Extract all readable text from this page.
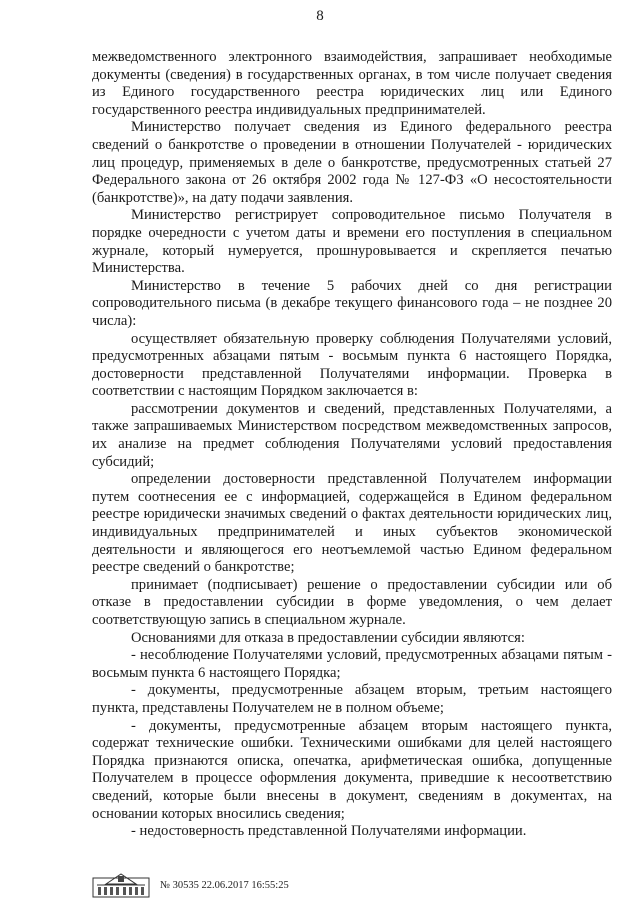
8

межведомственного электронного взаимодействия, запрашивает необходимые документы (сведения) в государственных органах, в том числе получает сведения из Единого государственного реестра юридических лиц или Единого государственного реестра индивидуальных предпринимателей.

Министерство получает сведения из Единого федерального реестра сведений о банкротстве о проведении в отношении Получателей - юридических лиц процедур, применяемых в деле о банкротстве, предусмотренных статьей 27 Федерального закона от 26 октября 2002 года № 127-ФЗ «О несостоятельности (банкротстве)», на дату подачи заявления.

Министерство регистрирует сопроводительное письмо Получателя в порядке очередности с учетом даты и времени его поступления в специальном журнале, который нумеруется, прошнуровывается и скрепляется печатью Министерства.

Министерство в течение 5 рабочих дней со дня регистрации сопроводительного письма (в декабре текущего финансового года – не позднее 20 числа):

осуществляет обязательную проверку соблюдения Получателями условий, предусмотренных абзацами пятым - восьмым пункта 6 настоящего Порядка, достоверности представленной Получателями информации. Проверка в соответствии с настоящим Порядком заключается в:

рассмотрении документов и сведений, представленных Получателями, а также запрашиваемых Министерством посредством межведомственных запросов, их анализе на предмет соблюдения Получателями условий предоставления субсидий;

определении достоверности представленной Получателем информации путем соотнесения ее с информацией, содержащейся в Едином федеральном реестре юридически значимых сведений о фактах деятельности юридических лиц, индивидуальных предпринимателей и иных субъектов экономической деятельности и являющегося его неотъемлемой частью Едином федеральном реестре сведений о банкротстве;

принимает (подписывает) решение о предоставлении субсидии или об отказе в предоставлении субсидии в форме уведомления, о чем делает соответствующую запись в специальном журнале.

Основаниями для отказа в предоставлении субсидии являются:

- несоблюдение Получателями условий, предусмотренных абзацами пятым - восьмым пункта 6 настоящего Порядка;

- документы, предусмотренные абзацем вторым, третьим настоящего пункта, представлены Получателем не в полном объеме;

- документы, предусмотренные абзацем вторым настоящего пункта, содержат технические ошибки. Техническими ошибками для целей настоящего Порядка признаются описка, опечатка, арифметическая ошибка, допущенные Получателем в процессе оформления документа, приведшие к несоответствию сведений, которые были внесены в документ, сведениям в документах, на основании которых вносились сведения;

- недостоверность представленной Получателями информации.

№ 30535 22.06.2017 16:55:25
